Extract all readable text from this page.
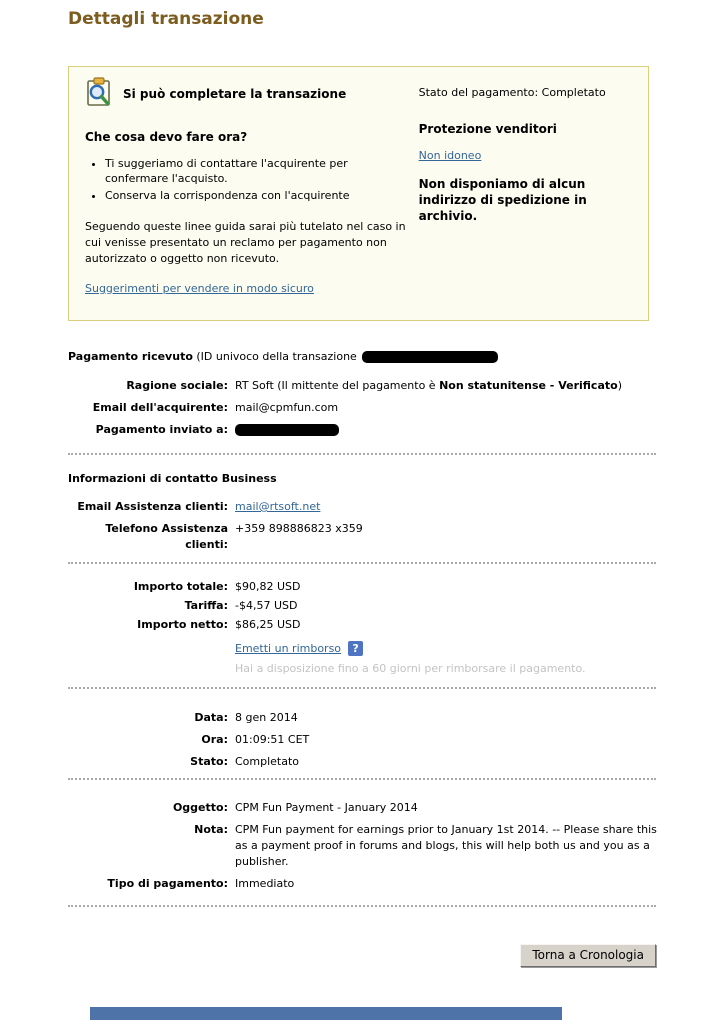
Dettagli transazione
Si può completare la transazione
Che cosa devo fare ora?
• Ti suggeriamo di contattare l'acquirente per confermare l'acquisto.
• Conserva la corrispondenza con l'acquirente
Seguendo queste linee guida sarai più tutelato nel caso in cui venisse presentato un reclamo per pagamento non autorizzato o oggetto non ricevuto.
Suggerimenti per vendere in modo sicuro
Stato del pagamento: Completato
Protezione venditori
Non idoneo
Non disponiamo di alcun indirizzo di spedizione in archivio.
Pagamento ricevuto (ID univoco della transazione
Ragione sociale: RT Soft (Il mittente del pagamento è Non statunitense - Verificato)
Email dell'acquirente: mail@cpmfun.com
Pagamento inviato a:
Informazioni di contatto Business
Email Assistenza clienti: mail@rtsoft.net
Telefono Assistenza clienti:
+359 898886823 x359
Importo totale: $90,82 USD
Tariffa: -$4,57 USD
Importo netto: $86,25 USD
Emetti un rimborso	?
Hai a disposizione fino a 60 giorni per rimborsare il pagamento.
Data: 8 gen 2014
Ora: 01:09:51 CET
Stato: Completato
Oggetto: CPM Fun Payment - January 2014
Nota: CPM Fun payment for earnings prior to January 1st 2014. -- Please share this as a payment proof in forums and blogs, this will help both us and you as a publisher.
Tipo di pagamento: Immediato
Torna a Cronologia
